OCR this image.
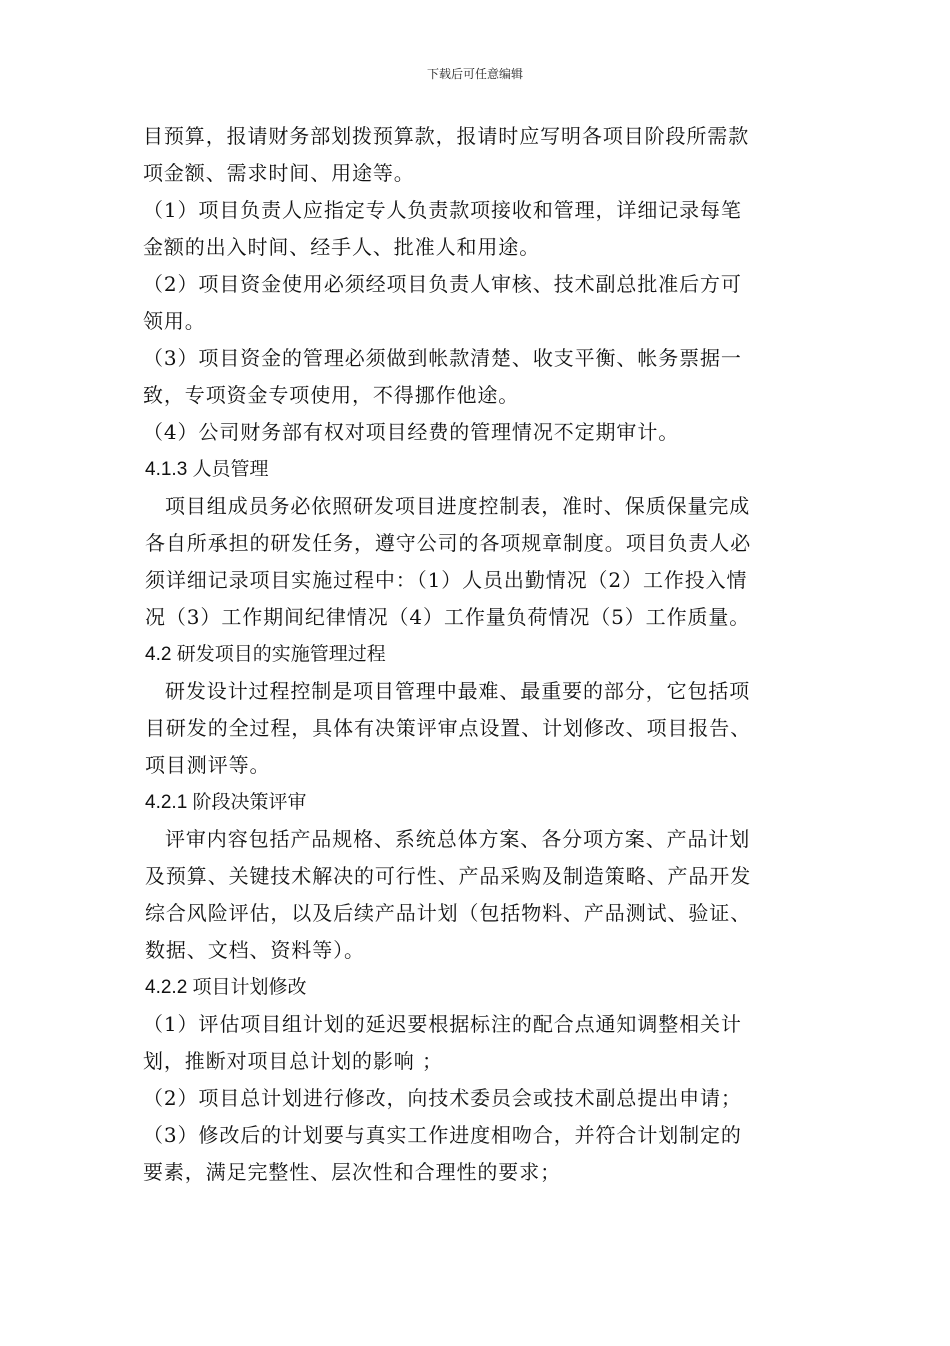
下载后可任意编辑

目预算，报请财务部划拨预算款，报请时应写明各项目阶段所需款
项金额、需求时间、用途等。

（1）项目负责人应指定专人负责款项接收和管理，详细记录每笔
金额的出入时间、经手人、批准人和用途。

（2）项目资金使用必须经项目负责人审核、技术副总批准后方可
领用。

（3）项目资金的管理必须做到帐款清楚、收支平衡、帐务票据一
致，专项资金专项使用，不得挪作他途。

（4）公司财务部有权对项目经费的管理情况不定期审计。

4.1.3 人员管理

项目组成员务必依照研发项目进度控制表，准时、保质保量完成
各自所承担的研发任务，遵守公司的各项规章制度。项目负责人必
须详细记录项目实施过程中：（1）人员出勤情况（2）工作投入情
况（3）工作期间纪律情况（4）工作量负荷情况（5）工作质量。

4.2 研发项目的实施管理过程

研发设计过程控制是项目管理中最难、最重要的部分，它包括项
目研发的全过程，具体有决策评审点设置、计划修改、项目报告、
项目测评等。

4.2.1 阶段决策评审

评审内容包括产品规格、系统总体方案、各分项方案、产品计划
及预算、关键技术解决的可行性、产品采购及制造策略、产品开发
综合风险评估，以及后续产品计划（包括物料、产品测试、验证、
数据、文档、资料等）。

4.2.2 项目计划修改

（1）评估项目组计划的延迟要根据标注的配合点通知调整相关计
划，推断对项目总计划的影响 ；

（2）项目总计划进行修改，向技术委员会或技术副总提出申请；

（3）修改后的计划要与真实工作进度相吻合，并符合计划制定的
要素，满足完整性、层次性和合理性的要求；
